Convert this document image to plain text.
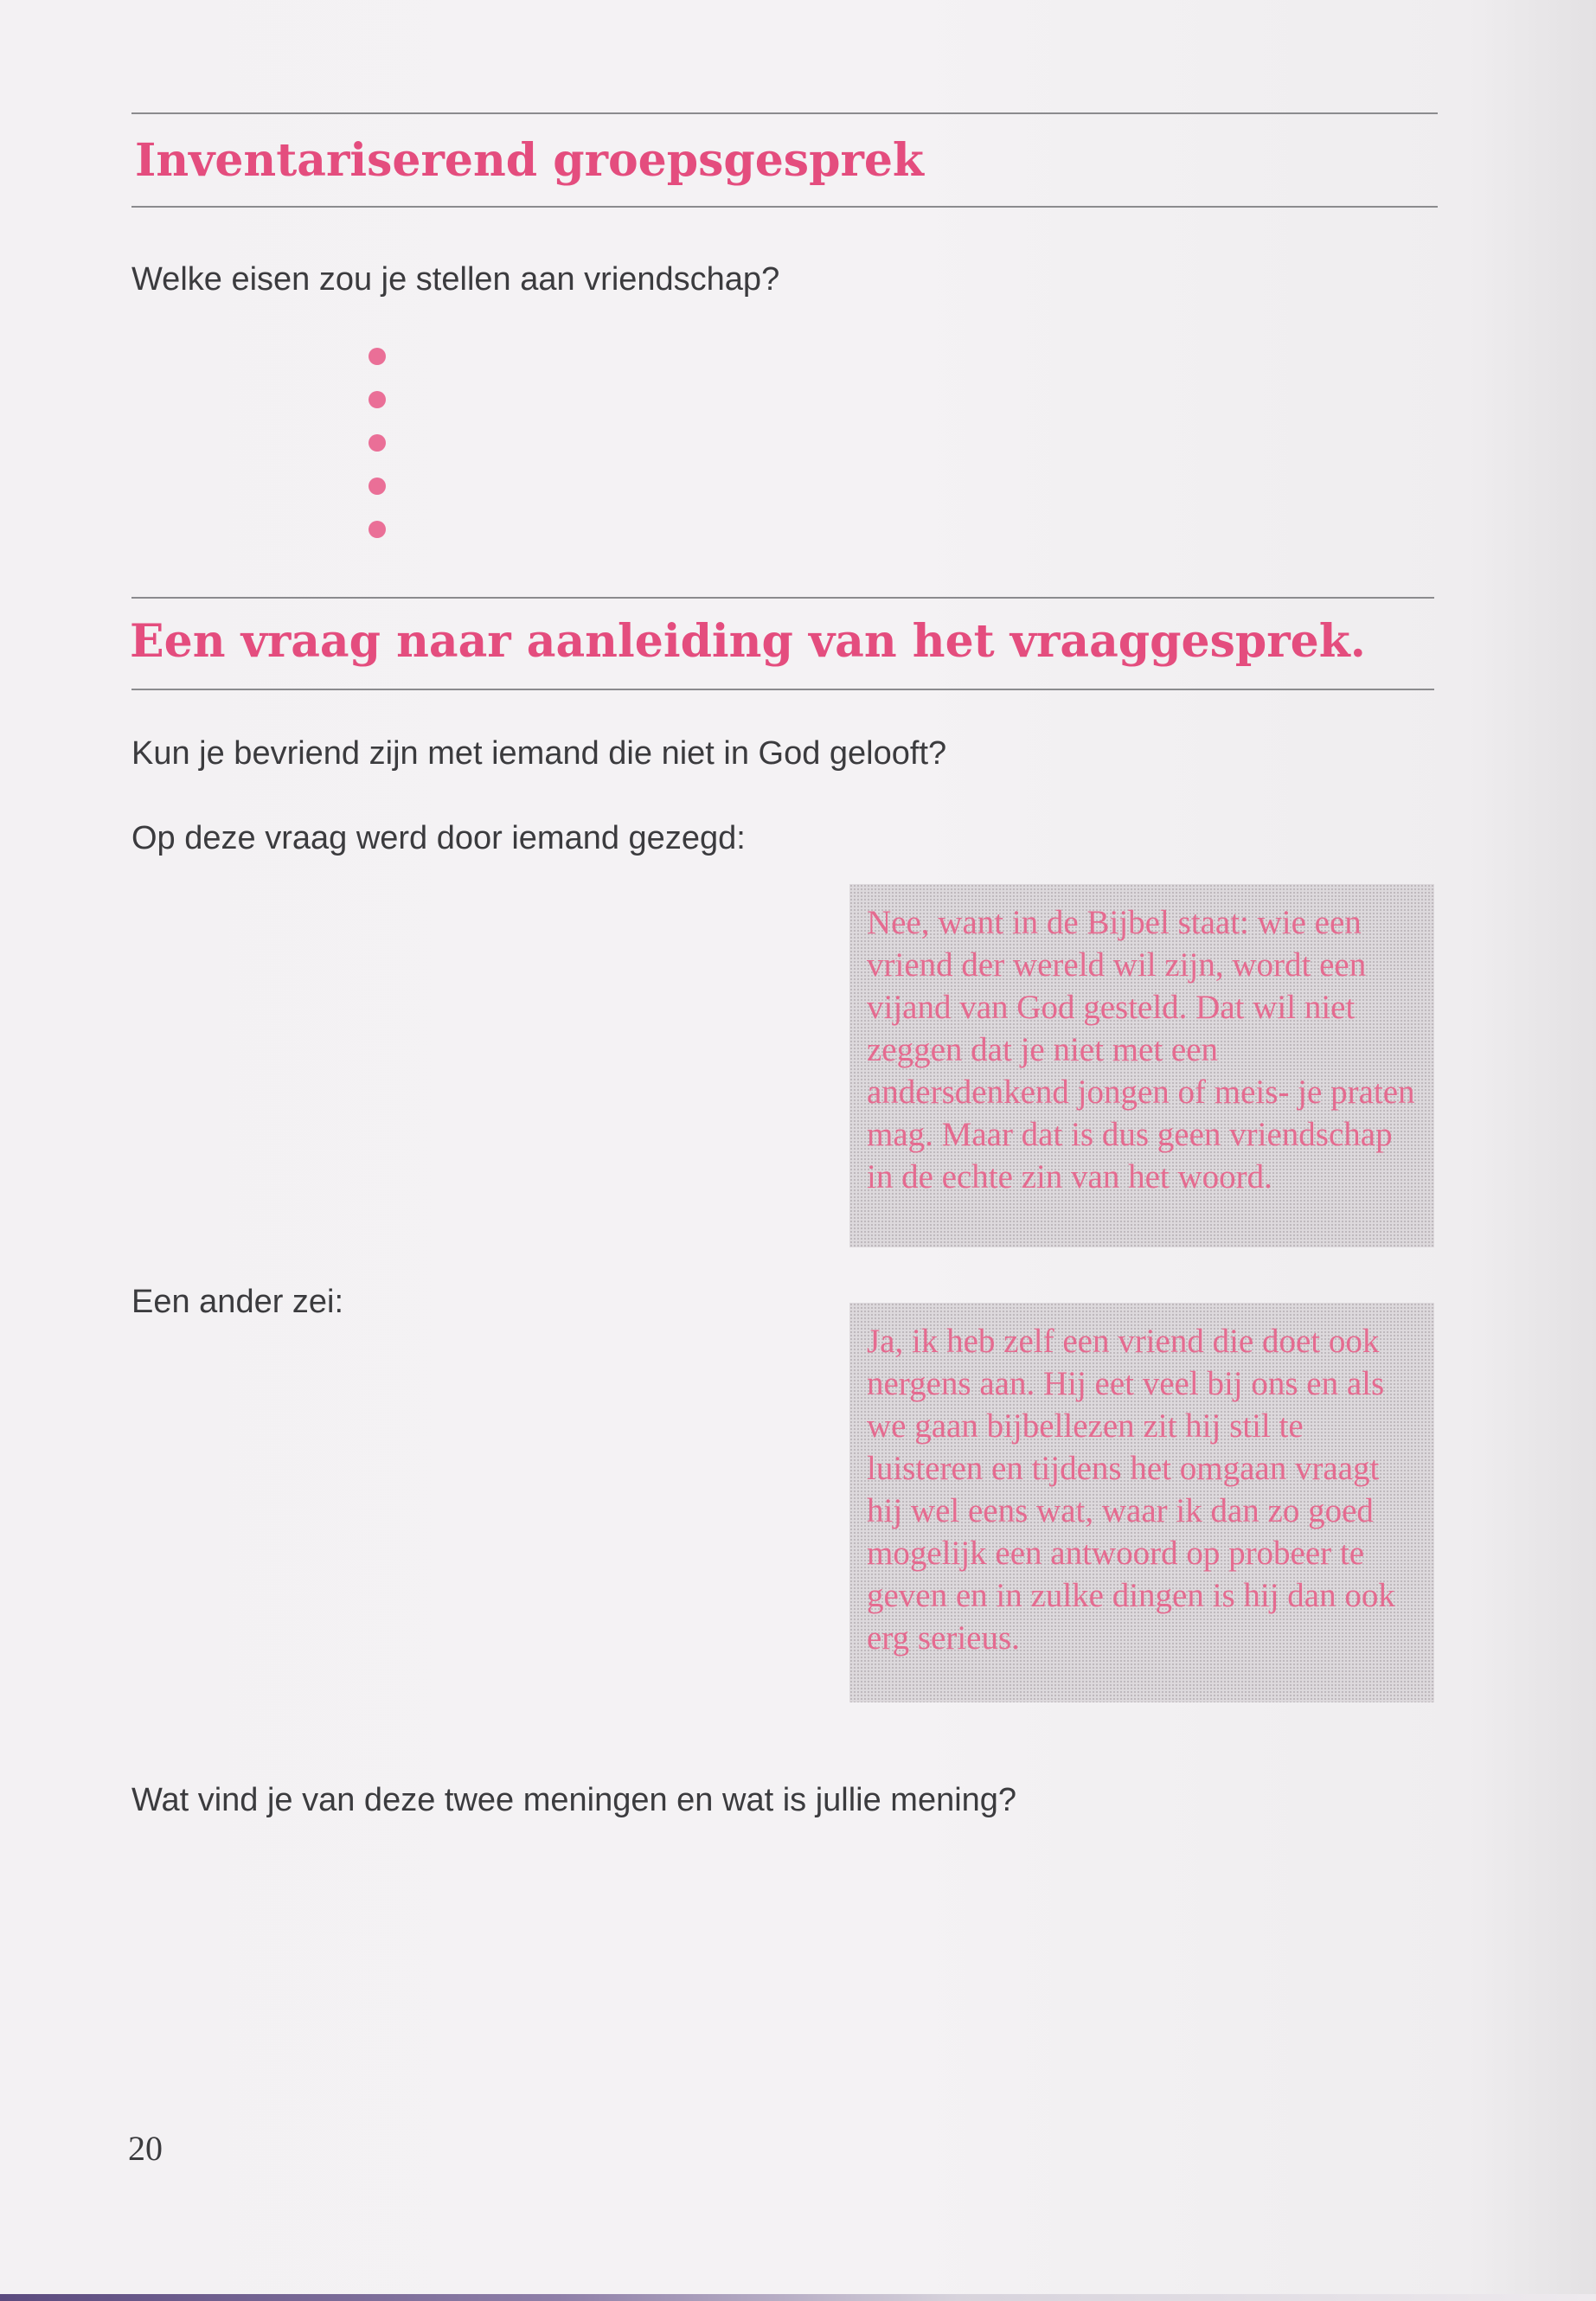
Inventariserend groepsgesprek

Welke eisen zou je stellen aan vriendschap?

Een vraag naar aanleiding van het vraaggesprek.

Kun je bevriend zijn met iemand die niet in God gelooft?

Op deze vraag werd door iemand gezegd:

Nee, want in de Bijbel staat: wie een vriend der wereld wil zijn, wordt een vijand van God gesteld. Dat wil niet zeggen dat je niet met een andersdenkend jongen of meis- je praten mag. Maar dat is dus geen vriendschap in de echte zin van het woord.

Een ander zei:

Ja, ik heb zelf een vriend die doet ook nergens aan. Hij eet veel bij ons en als we gaan bijbellezen zit hij stil te luisteren en tijdens het omgaan vraagt hij wel eens wat, waar ik dan zo goed mogelijk een antwoord op probeer te geven en in zulke dingen is hij dan ook erg serieus.

Wat vind je van deze twee meningen en wat is jullie mening?

20
